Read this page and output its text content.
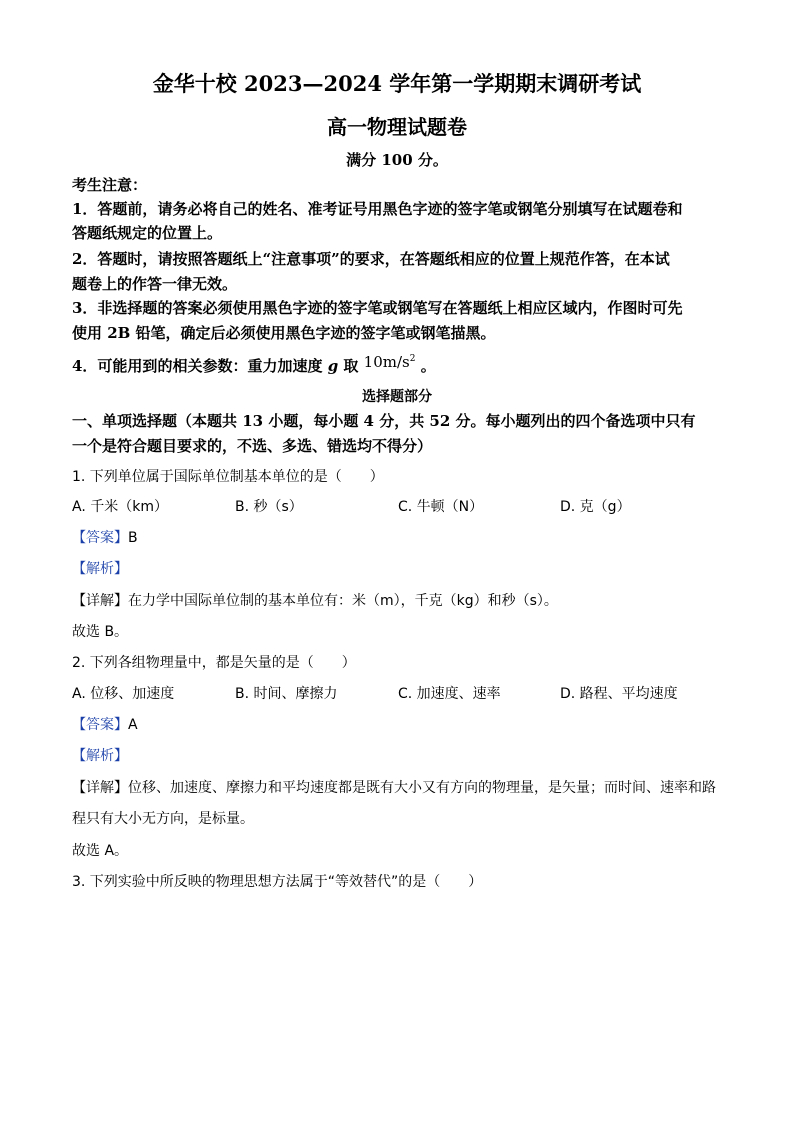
金华十校 2023—2024 学年第一学期期末调研考试
高一物理试题卷
满分 100 分。
考生注意：
1．答题前，请务必将自己的姓名、准考证号用黑色字迹的签字笔或钢笔分别填写在试题卷和
答题纸规定的位置上。
2．答题时，请按照答题纸上“注意事项”的要求，在答题纸相应的位置上规范作答，在本试
题卷上的作答一律无效。
3．非选择题的答案必须使用黑色字迹的签字笔或钢笔写在答题纸上相应区域内，作图时可先
使用 2B 铅笔，确定后必须使用黑色字迹的签字笔或钢笔描黑。
4．可能用到的相关参数：重力加速度 g 取 $10m/s^2$ 。
选择题部分
一、单项选择题（本题共 13 小题，每小题 4 分，共 52 分。每小题列出的四个备选项中只有
一个是符合题目要求的，不选、多选、错选均不得分）
1. 下列单位属于国际单位制基本单位的是（　　）
A. 千米（km）	B. 秒（s）	C. 牛顿（N）	D. 克（g）
【答案】B
【解析】
【详解】在力学中国际单位制的基本单位有：米（m），千克（kg）和秒（s）。
故选 B。
2. 下列各组物理量中，都是矢量的是（　　）
A. 位移、加速度	B. 时间、摩擦力	C. 加速度、速率	D. 路程、平均速度
【答案】A
【解析】
【详解】位移、加速度、摩擦力和平均速度都是既有大小又有方向的物理量，是矢量；而时间、速率和路
程只有大小无方向，是标量。
故选 A。
3. 下列实验中所反映的物理思想方法属于“等效替代”的是（　　）
